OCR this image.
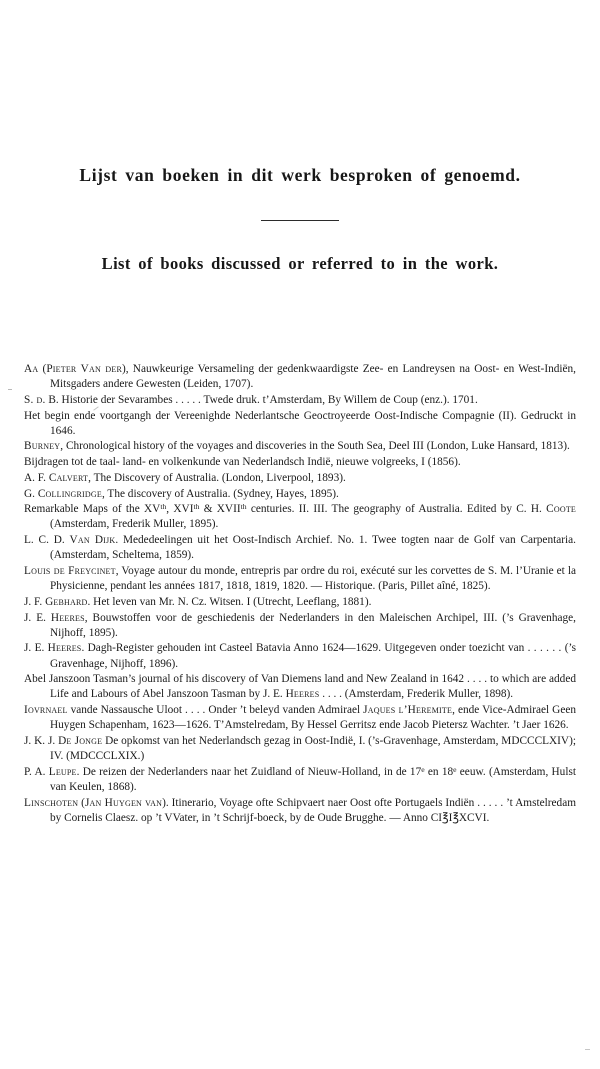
Lijst van boeken in dit werk besproken of genoemd.
List of books discussed or referred to in the work.

Aa (Pieter Van der), Nauwkeurige Versameling der gedenkwaardigste Zee- en Landreysen na Oost- en West-Indiën, Mitsgaders andere Gewesten (Leiden, 1707).

S. d. B. Historie der Sevarambes . . . . . Twede druk. t’Amsterdam, By Willem de Coup (enz.). 1701.

Het begin ende voortgangh der Vereenighde Nederlantsche Geoctroyeerde Oost-Indische Compagnie (II). Gedruckt in 1646.

Burney, Chronological history of the voyages and discoveries in the South Sea, Deel III (London, Luke Hansard, 1813).

Bijdragen tot de taal- land- en volkenkunde van Nederlandsch Indië, nieuwe volgreeks, I (1856).

A. F. Calvert, The Discovery of Australia. (London, Liverpool, 1893).

G. Collingridge, The discovery of Australia. (Sydney, Hayes, 1895).

Remarkable Maps of the XVth, XVIth & XVIIth centuries. II. III. The geography of Australia. Edited by C. H. Coote (Amsterdam, Frederik Muller, 1895).

L. C. D. Van Dijk. Mededeelingen uit het Oost-Indisch Archief. No. 1. Twee togten naar de Golf van Carpentaria. (Amsterdam, Scheltema, 1859).

Louis de Freycinet, Voyage autour du monde, entrepris par ordre du roi, exécuté sur les corvettes de S. M. l’Uranie et la Physicienne, pendant les années 1817, 1818, 1819, 1820. — Historique. (Paris, Pillet aîné, 1825).

J. F. Gebhard. Het leven van Mr. N. Cz. Witsen. I (Utrecht, Leeflang, 1881).

J. E. Heeres, Bouwstoffen voor de geschiedenis der Nederlanders in den Maleischen Archipel, III. (’s Gravenhage, Nijhoff, 1895).

J. E. Heeres. Dagh-Register gehouden int Casteel Batavia Anno 1624—1629. Uitgegeven onder toezicht van . . . . . . (’s Gravenhage, Nijhoff, 1896).

Abel Janszoon Tasman’s journal of his discovery of Van Diemens land and New Zealand in 1642 . . . . to which are added Life and Labours of Abel Janszoon Tasman by J. E. Heeres . . . . (Amsterdam, Frederik Muller, 1898).

Iovrnael vande Nassausche Uloot . . . . Onder ’t beleyd vanden Admirael Jaques l’Heremite, ende Vice-Admirael Geen Huygen Schapenham, 1623—1626. T’Amstelredam, By Hessel Gerritsz ende Jacob Pietersz Wachter. ’t Jaer 1626.

J. K. J. De Jonge De opkomst van het Nederlandsch gezag in Oost-Indië, I. (’s-Gravenhage, Amsterdam, MDCCCLXIV); IV. (MDCCCLXIX.)

P. A. Leupe. De reizen der Nederlanders naar het Zuidland of Nieuw-Holland, in de 17e en 18e eeuw. (Amsterdam, Hulst van Keulen, 1868).

Linschoten (Jan Huygen van). Itinerario, Voyage ofte Schipvaert naer Oost ofte Portugaels Indiën . . . . . ’t Amstelredam by Cornelis Claesz. op ’t VVater, in ’t Schrijf-boeck, by de Oude Brugghe. — Anno CI℥I℥XCVI.
